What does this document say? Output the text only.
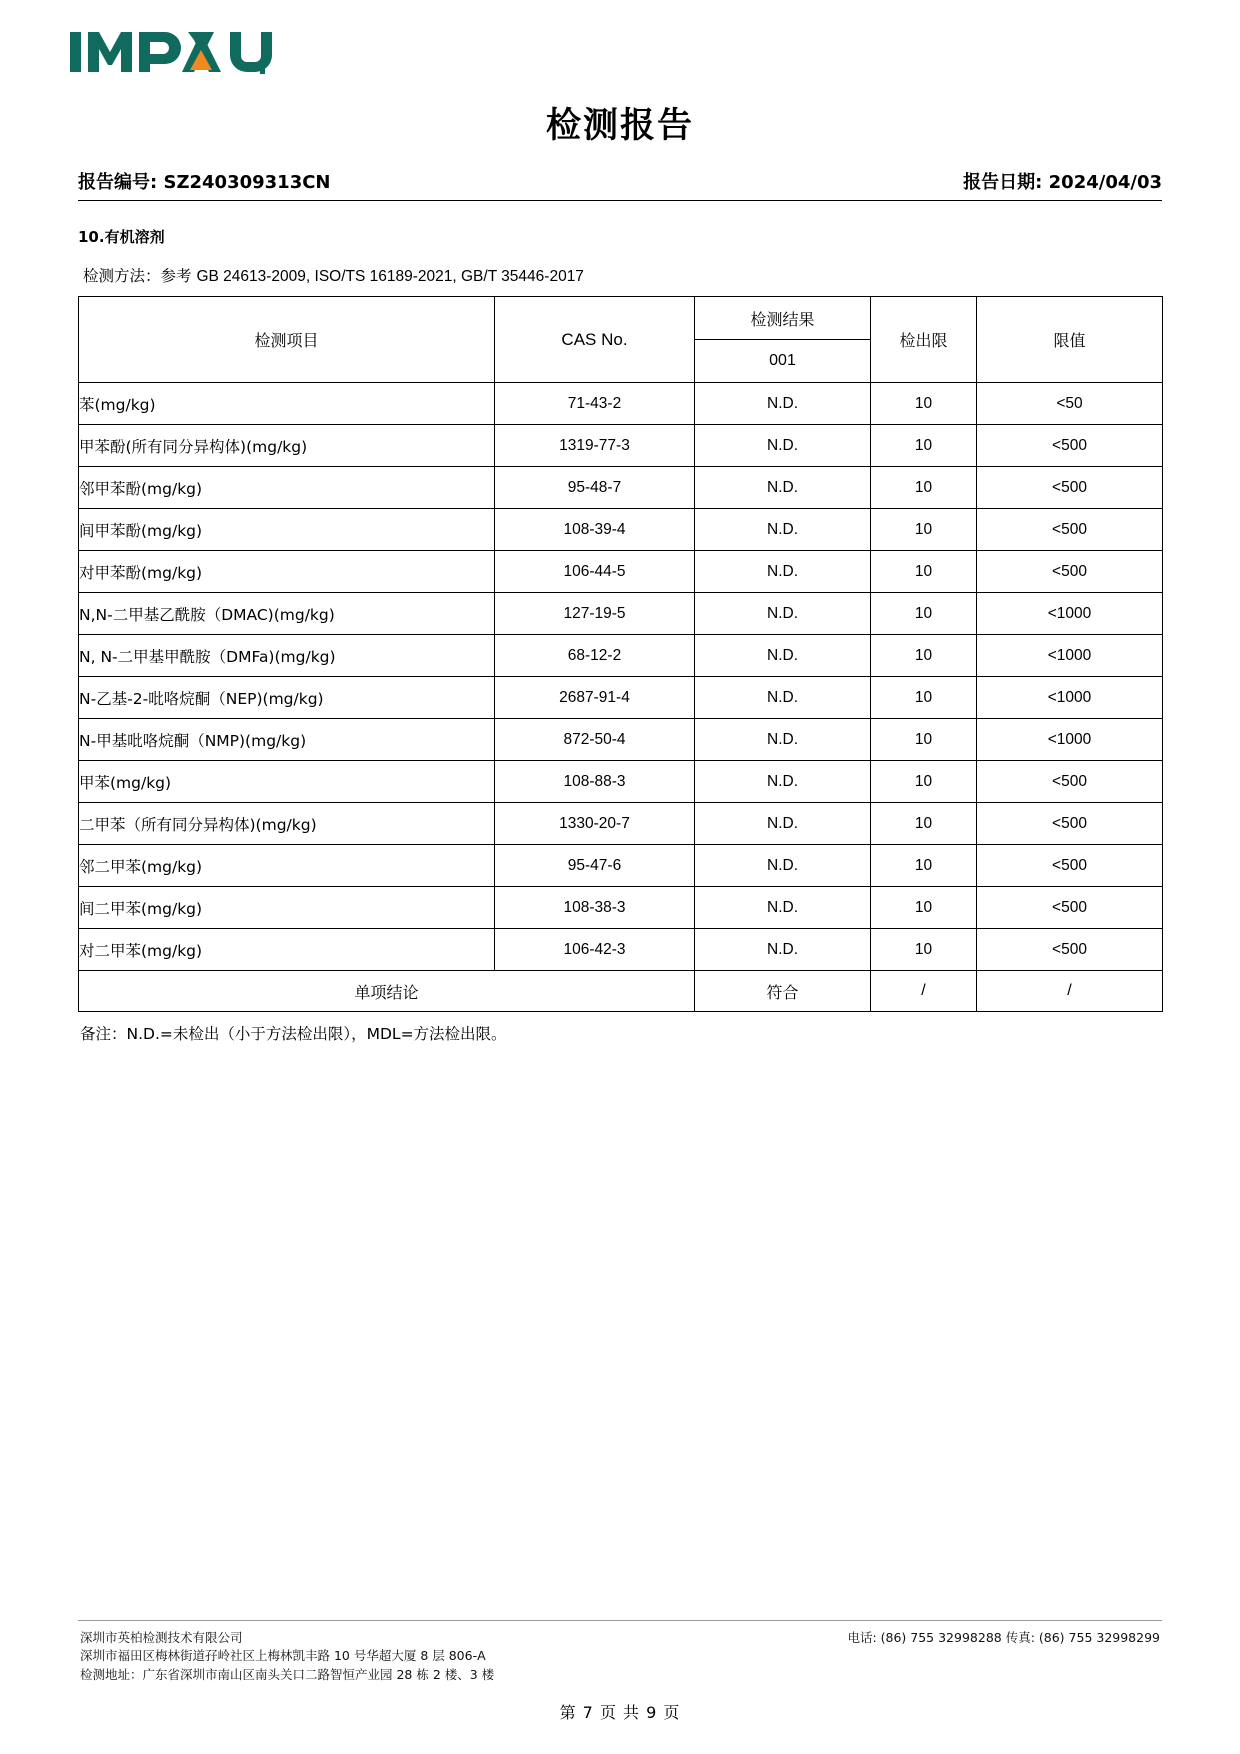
检测报告
报告编号: SZ240309313CN	报告日期: 2024/04/03
10.有机溶剂
检测方法：参考 GB 24613-2009, ISO/TS 16189-2021, GB/T 35446-2017
检测项目	CAS No.	检测结果	检出限	限值
		001		
苯(mg/kg)	71-43-2	N.D.	10	<50
甲苯酚(所有同分异构体)(mg/kg)	1319-77-3	N.D.	10	<500
邻甲苯酚(mg/kg)	95-48-7	N.D.	10	<500
间甲苯酚(mg/kg)	108-39-4	N.D.	10	<500
对甲苯酚(mg/kg)	106-44-5	N.D.	10	<500
N,N-二甲基乙酰胺（DMAC)(mg/kg)	127-19-5	N.D.	10	<1000
N, N-二甲基甲酰胺（DMFa)(mg/kg)	68-12-2	N.D.	10	<1000
N-乙基-2-吡咯烷酮（NEP)(mg/kg)	2687-91-4	N.D.	10	<1000
N-甲基吡咯烷酮（NMP)(mg/kg)	872-50-4	N.D.	10	<1000
甲苯(mg/kg)	108-88-3	N.D.	10	<500
二甲苯（所有同分异构体)(mg/kg)	1330-20-7	N.D.	10	<500
邻二甲苯(mg/kg)	95-47-6	N.D.	10	<500
间二甲苯(mg/kg)	108-38-3	N.D.	10	<500
对二甲苯(mg/kg)	106-42-3	N.D.	10	<500
单项结论		符合	/	/
备注：N.D.=未检出（小于方法检出限），MDL=方法检出限。
深圳市英柏检测技术有限公司	电话: (86) 755 32998288 传真: (86) 755 32998299
深圳市福田区梅林街道孖岭社区上梅林凯丰路 10 号华超大厦 8 层 806-A
检测地址：广东省深圳市南山区南头关口二路智恒产业园 28 栋 2 楼、3 楼
第 7 页 共 9 页
